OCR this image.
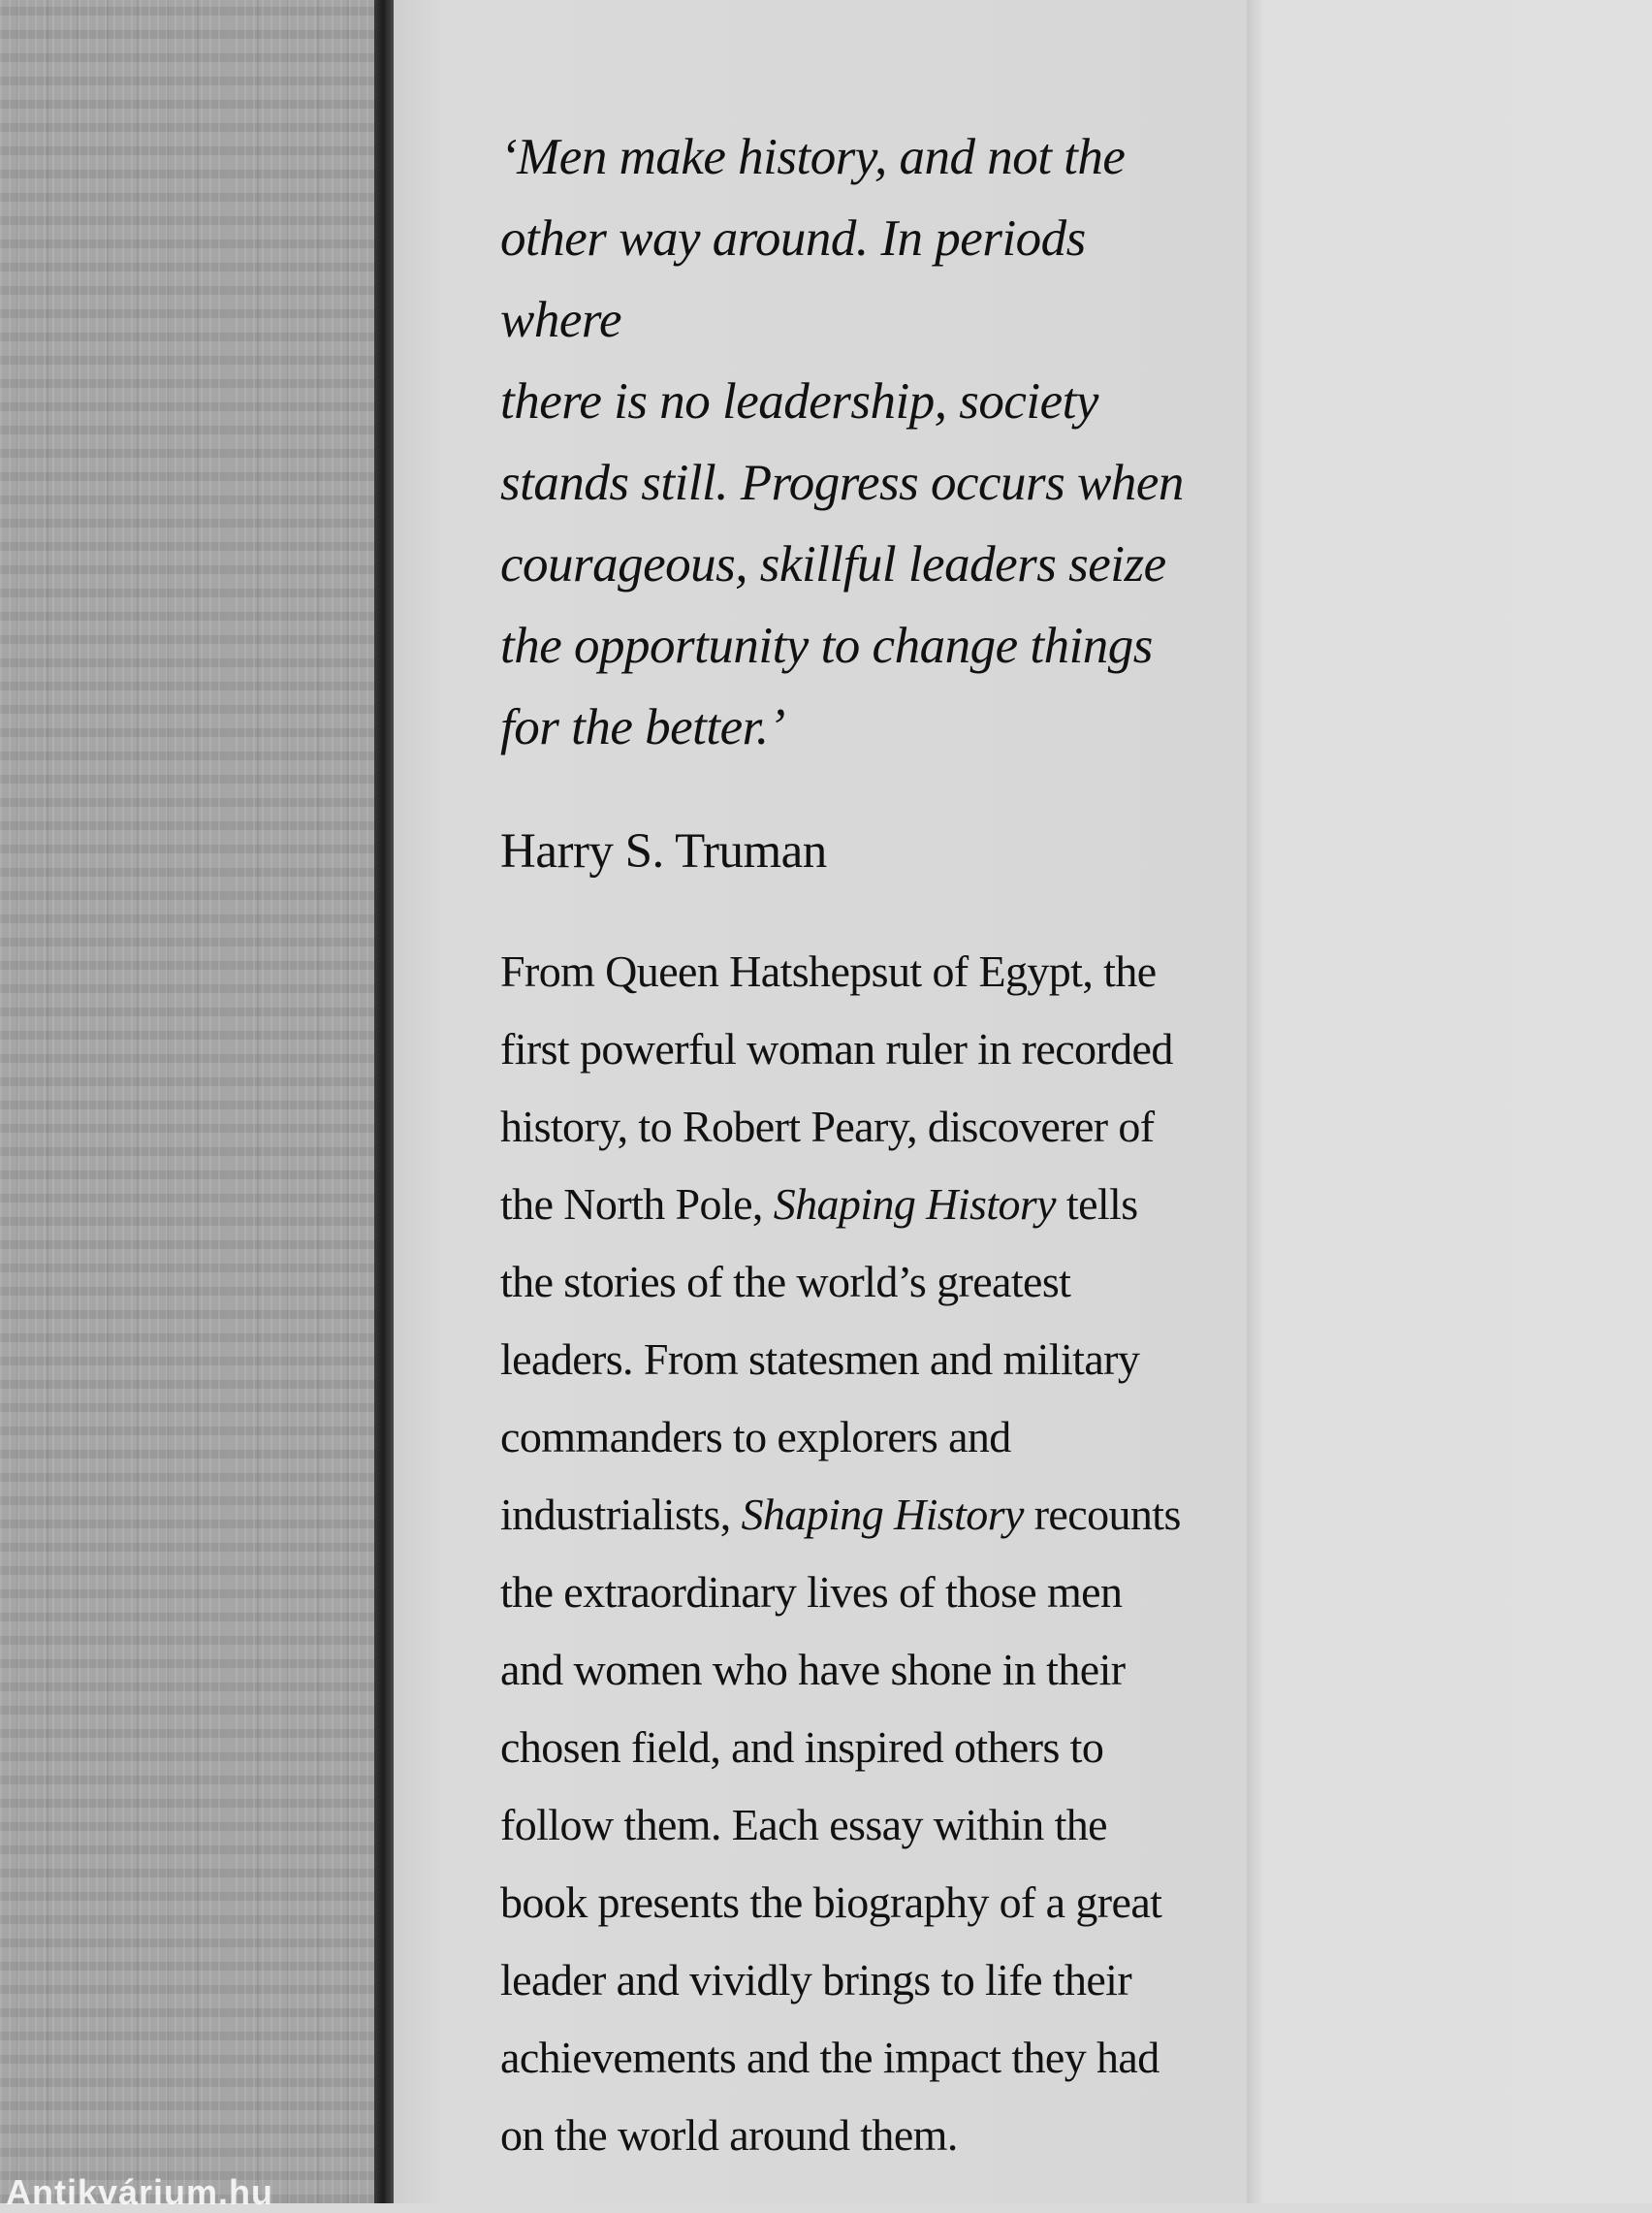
‘Men make history, and not the
other way around. In periods where
there is no leadership, society
stands still. Progress occurs when
courageous, skillful leaders seize
the opportunity to change things
for the better.’

Harry S. Truman

From Queen Hatshepsut of Egypt, the
first powerful woman ruler in recorded
history, to Robert Peary, discoverer of
the North Pole, Shaping History tells
the stories of the world’s greatest
leaders. From statesmen and military
commanders to explorers and
industrialists, Shaping History recounts
the extraordinary lives of those men
and women who have shone in their
chosen field, and inspired others to
follow them. Each essay within the
book presents the biography of a great
leader and vividly brings to life their
achievements and the impact they had
on the world around them.

Antikvárium.hu
